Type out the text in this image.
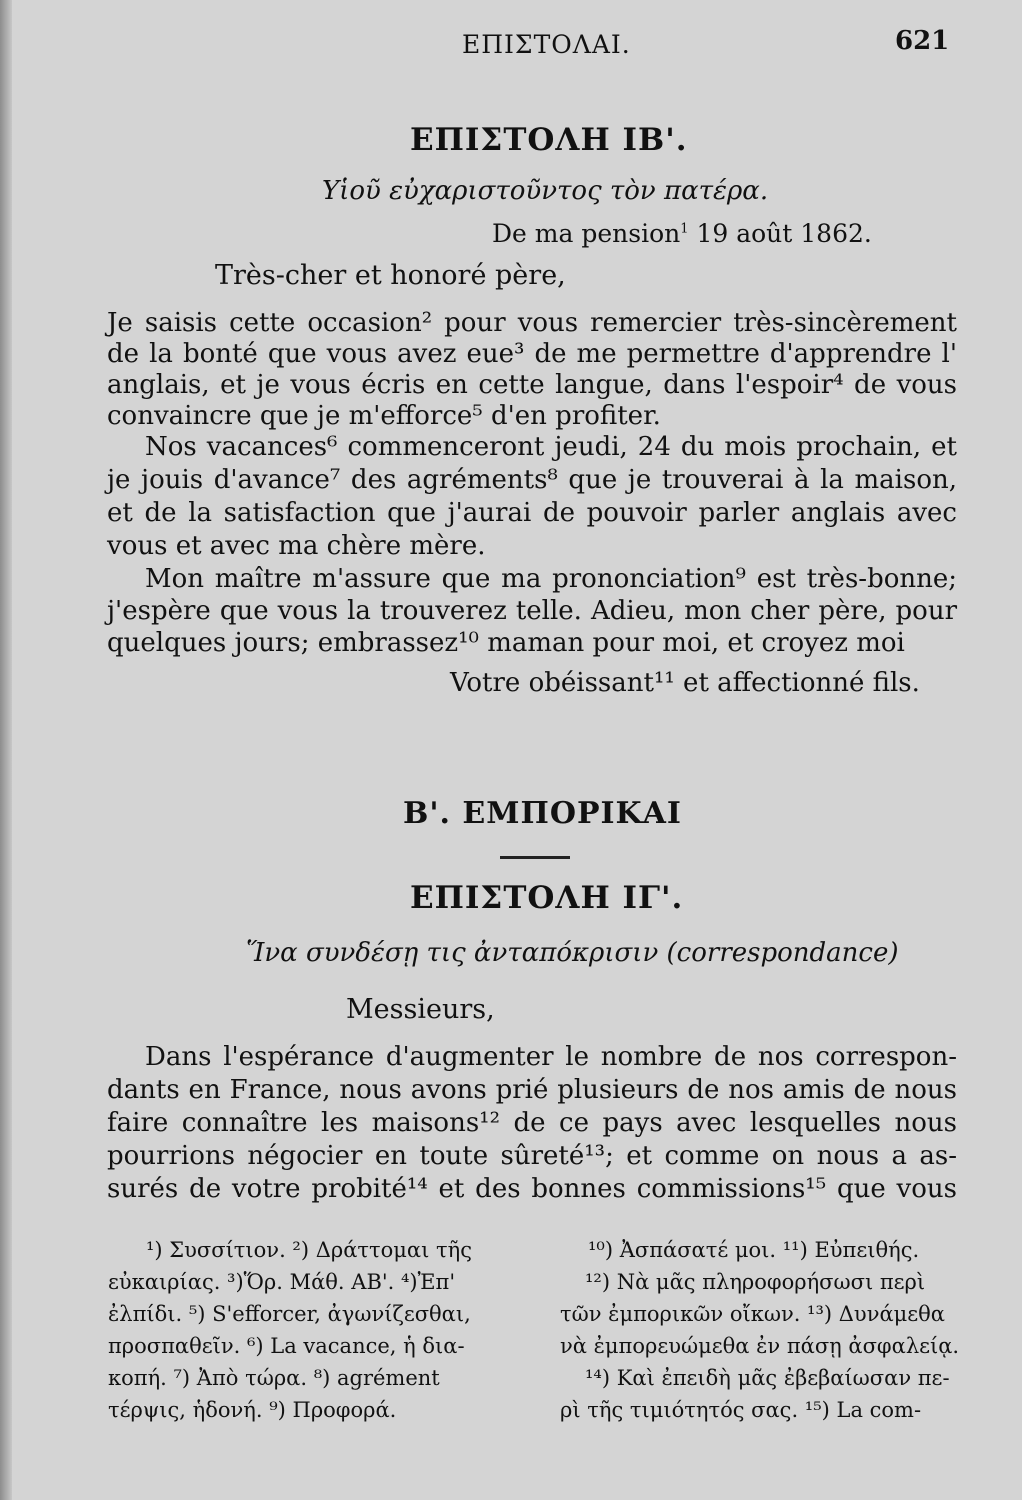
ΕΠΙΣΤΟΛΑΙ.	621
ΕΠΙΣΤΟΛΗ ΙΒ'.
Υἱοῦ εὐχαριστοῦντος τὸν πατέρα.
De ma pension$^1$ 19 août 1862.
Très-cher et honoré père,
Je saisis cette occasion² pour vous remercier très-sincèrement
de la bonté que vous avez eue³ de me permettre d'apprendre l'
anglais, et je vous écris en cette langue, dans l'espoir⁴ de vous
convaincre que je m'efforce⁵ d'en profiter.
Nos vacances⁶ commenceront jeudi, 24 du mois prochain, et
je jouis d'avance⁷ des agréments⁸ que je trouverai à la maison,
et de la satisfaction que j'aurai de pouvoir parler anglais avec
vous et avec ma chère mère.
Mon maître m'assure que ma prononciation⁹ est très-bonne;
j'espère que vous la trouverez telle. Adieu, mon cher père, pour
quelques jours; embrassez¹⁰ maman pour moi, et croyez moi
Votre obéissant¹¹ et affectionné fils.
Β'. ΕΜΠΟΡΙΚΑΙ
ΕΠΙΣΤΟΛΗ ΙΓ'.
Ἵνα συνδέσῃ τις ἀνταπόκρισιν (correspondance)
Messieurs,
Dans l'espérance d'augmenter le nombre de nos correspon-
dants en France, nous avons prié plusieurs de nos amis de nous
faire connaître les maisons¹² de ce pays avec lesquelles nous
pourrions négocier en toute sûreté¹³; et comme on nous a as-
surés de votre probité¹⁴ et des bonnes commissions¹⁵ que vous
¹) Συσσίτιον. ²) Δράττομαι τῆς
εὐκαιρίας. ³)Ὅρ. Μάθ. ΑΒ'. ⁴)Ἐπ'
ἐλπίδι. ⁵) S'efforcer, ἀγωνίζεσθαι,
προσπαθεῖν. ⁶) La vacance, ἡ δια-
κοπή. ⁷) Ἀπὸ τώρα. ⁸) agrément
τέρψις, ἡδονή. ⁹) Προφορά.
¹⁰) Ἀσπάσατέ μοι. ¹¹) Εὐπειθής.
¹²) Νὰ μᾶς πληροφορήσωσι περὶ
τῶν ἐμπορικῶν οἴκων. ¹³) Δυνάμεθα
νὰ ἐμπορευώμεθα ἐν πάσῃ ἀσφαλείᾳ.
¹⁴) Καὶ ἐπειδὴ μᾶς ἐβεβαίωσαν πε-
ρὶ τῆς τιμιότητός σας. ¹⁵) La com-
